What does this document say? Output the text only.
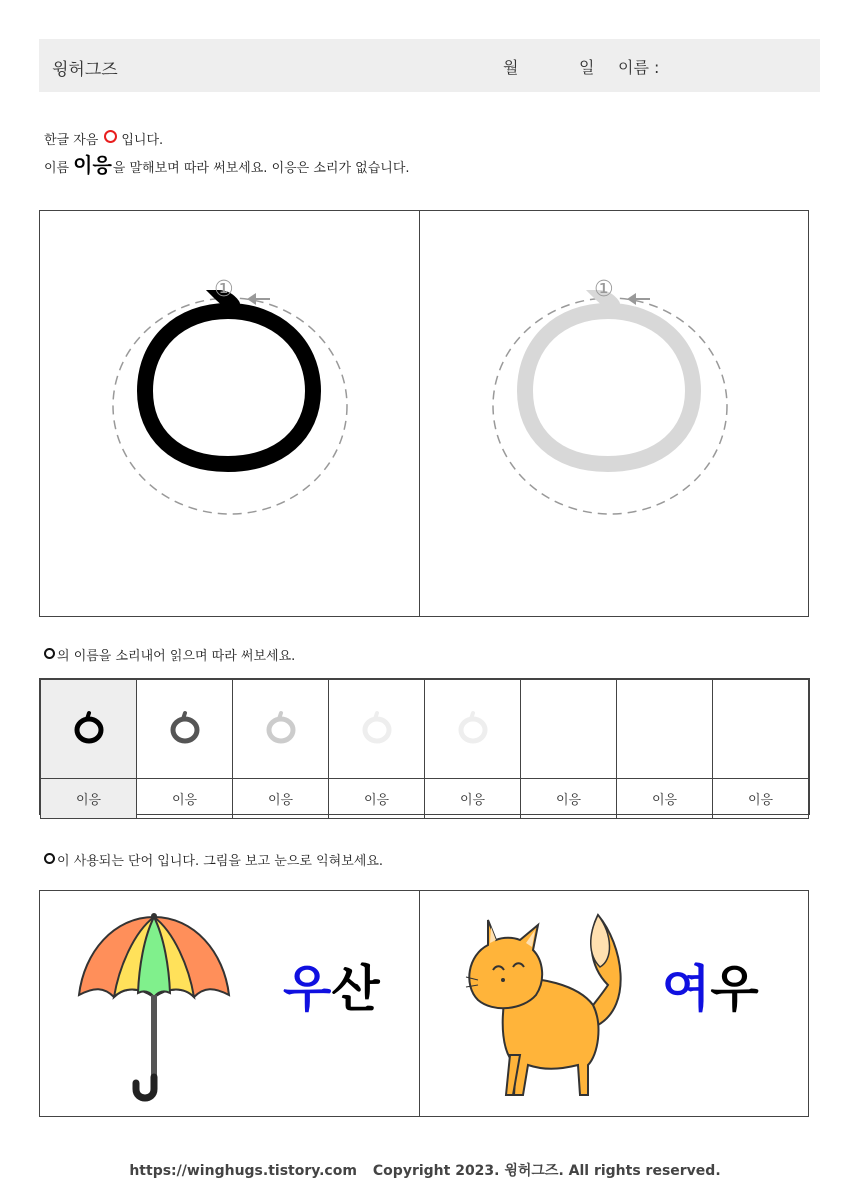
윙허그즈	월	일 이름 :
한글 자음 입니다.
이름 이응을 말해보며 따라 써보세요. 이응은 소리가 없습니다.
①	①
의 이름을 소리내어 읽으며 따라 써보세요.

이응	이응	이응	이응	이응	이응	이응	이응
이 사용되는 단어 입니다. 그림을 보고 눈으로 익혀보세요.
우산	여우
https://winghugs.tistory.com Copyright 2023. 윙허그즈. All rights reserved.
